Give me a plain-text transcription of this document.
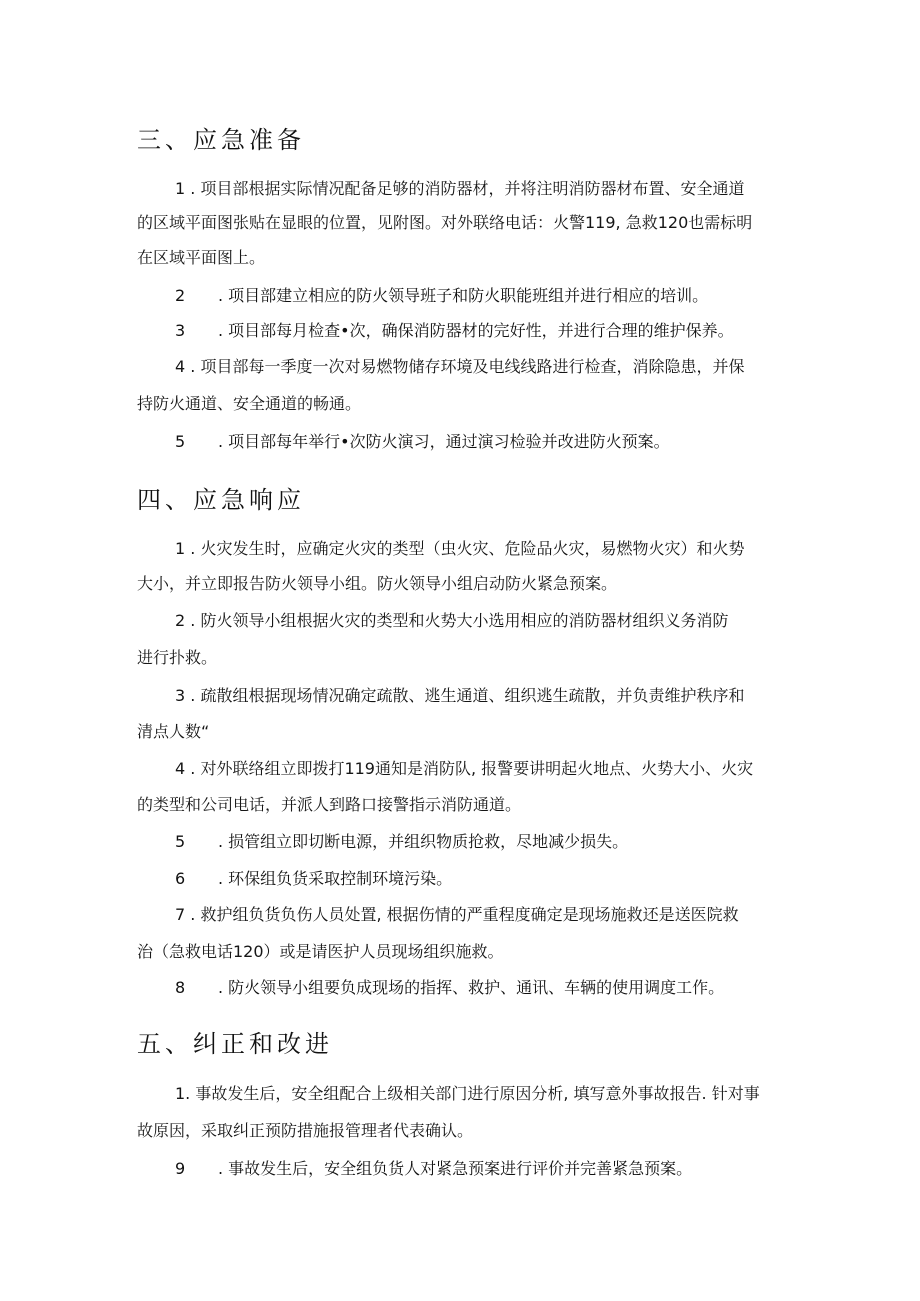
三、应急准备
1 . 项目部根据实际情况配备足够的消防器材，并将注明消防器材布置、安全通道
的区域平面图张贴在显眼的位置，见附图。对外联络电话：火警119, 急救120也需标明
在区域平面图上。
2 . 项目部建立相应的防火领导班子和防火职能班组并进行相应的培训。
3 . 项目部每月检查•次，确保消防器材的完好性，并进行合理的维护保养。
4 . 项目部每一季度一次对易燃物储存环境及电线线路进行检查，消除隐患，并保
持防火通道、安全通道的畅通。
5 . 项目部每年举行•次防火演习，通过演习检验并改进防火预案。
四、应急响应
1 . 火灾发生时，应确定火灾的类型（虫火灾、危险品火灾，易燃物火灾）和火势
大小，并立即报告防火领导小组。防火领导小组启动防火紧急预案。
2 . 防火领导小组根据火灾的类型和火势大小选用相应的消防器材组织义务消防
进行扑救。
3 . 疏散组根据现场情况确定疏散、逃生通道、组织逃生疏散，并负责维护秩序和
清点人数“
4 . 对外联络组立即拨打119通知是消防队, 报警要讲明起火地点、火势大小、火灾
的类型和公司电话，并派人到路口接警指示消防通道。
5 . 损管组立即切断电源，并组织物质抢救，尽地减少损失。
6 . 环保组负货采取控制环境污染。
7 . 救护组负货负伤人员处置, 根据伤情的严重程度确定是现场施救还是送医院救
治（急救电话120）或是请医护人员现场组织施救。
8 . 防火领导小组要负成现场的指挥、救护、通讯、车辆的使用调度工作。
五、纠正和改进
1. 事故发生后，安全组配合上级相关部门进行原因分析, 填写意外事故报告. 针对事
故原因，采取纠正预防措施报管理者代表确认。
9 . 事故发生后，安全组负货人对紧急预案进行评价并完善紧急预案。
